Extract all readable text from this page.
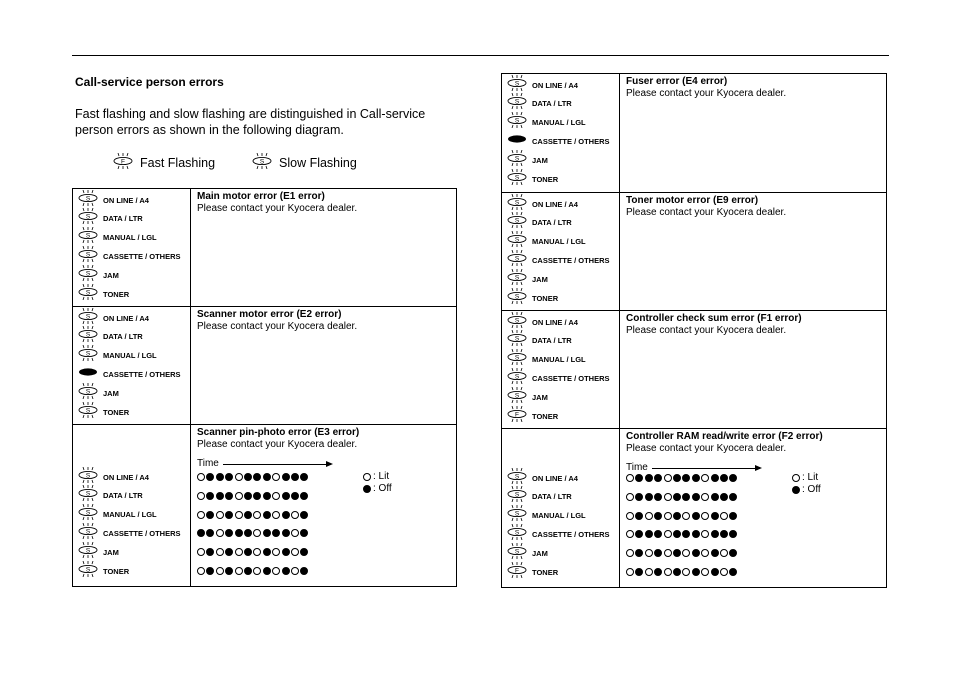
Call-service person errors
Fast flashing and slow flashing are distinguished in Call-service person errors as shown in the following diagram.
F Fast Flashing	S Slow Flashing
S ON LINE / A4
S DATA / LTR
S MANUAL / LGL
S CASSETTE / OTHERS
S JAM
S TONER
Main motor error (E1 error)
Please contact your Kyocera dealer.
S ON LINE / A4
S DATA / LTR
S MANUAL / LGL
CASSETTE / OTHERS
S JAM
S TONER
Scanner motor error (E2 error)
Please contact your Kyocera dealer.
S ON LINE / A4
S DATA / LTR
S MANUAL / LGL
S CASSETTE / OTHERS
S JAM
S TONER
Scanner pin-photo error (E3 error)
Please contact your Kyocera dealer.
Time
: Lit
: Off
S ON LINE / A4
S DATA / LTR
S MANUAL / LGL
CASSETTE / OTHERS
S JAM
S TONER
Fuser error (E4 error)
Please contact your Kyocera dealer.
S ON LINE / A4
S DATA / LTR
S MANUAL / LGL
S CASSETTE / OTHERS
S JAM
S TONER
Toner motor error (E9 error)
Please contact your Kyocera dealer.
S ON LINE / A4
S DATA / LTR
S MANUAL / LGL
S CASSETTE / OTHERS
S JAM
F TONER
Controller check sum error (F1 error)
Please contact your Kyocera dealer.
S ON LINE / A4
S DATA / LTR
S MANUAL / LGL
S CASSETTE / OTHERS
S JAM
F TONER
Controller RAM read/write error (F2 error)
Please contact your Kyocera dealer.
Time
: Lit
: Off
